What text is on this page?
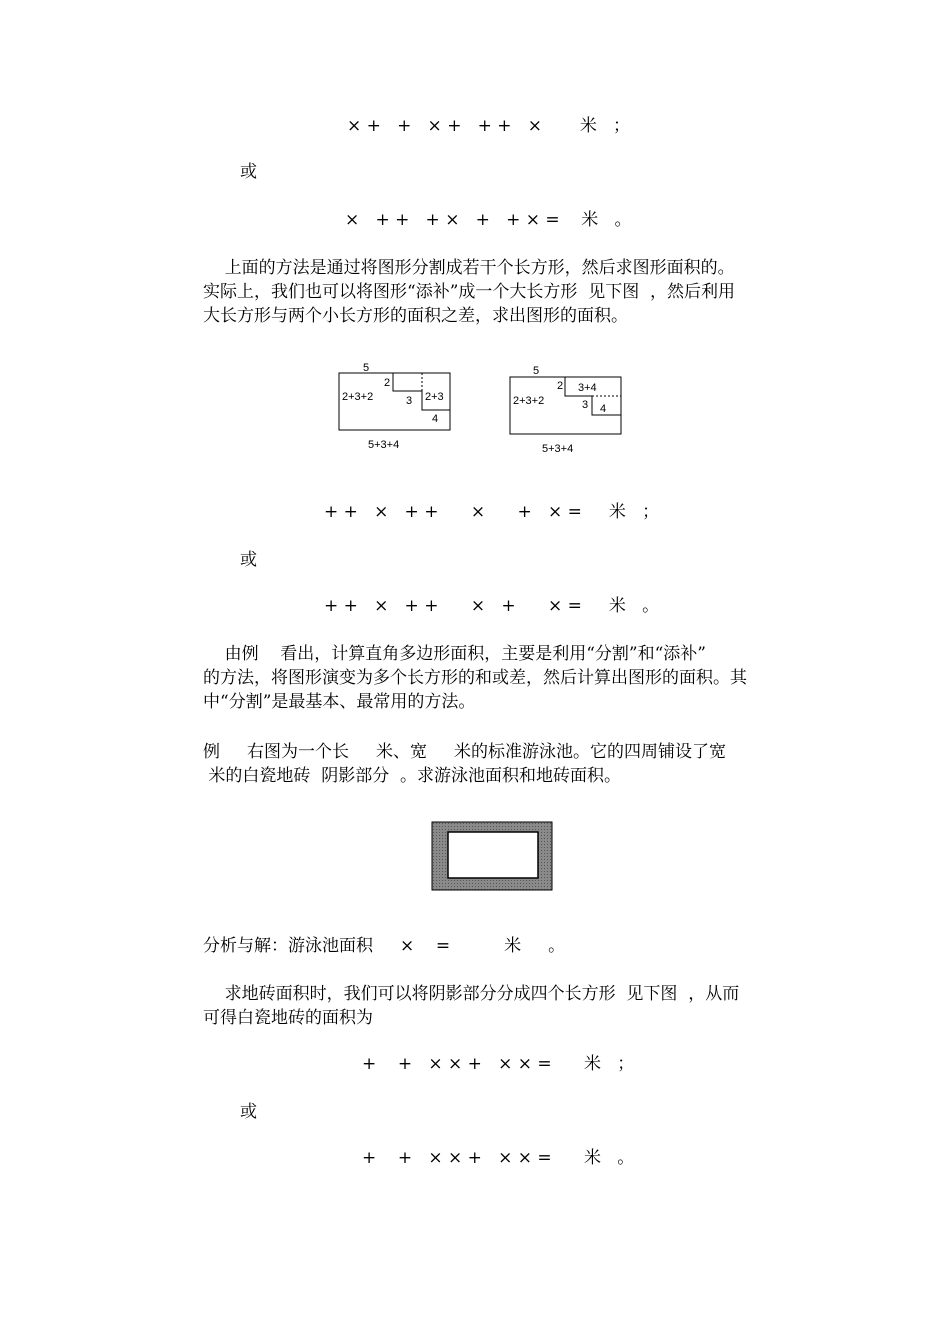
× +   +   × +   + +   ×       米   ；
或
×   + +   + ×   +   + × =    米   。
上面的方法是通过将图形分割成若干个长方形，然后求图形面积的。
实际上，我们也可以将图形“添补”成一个大长方形  见下图  ，然后利用
大长方形与两个小长方形的面积之差，求出图形的面积。
5
2+3+2
2
3 2+3
4
5+3+4
5
2+3+2
2 3+4
3 4
5+3+4
+ +   ×   + +      ×      +   × =     米   ；
或
+ +   ×   + +      ×   +      × =     米   。
由例    看出，计算直角多边形面积，主要是利用“分割”和“添补”
的方法，将图形演变为多个长方形的和或差，然后计算出图形的面积。其
中“分割”是最基本、最常用的方法。
例     右图为一个长     米、宽     米的标准游泳池。它的四周铺设了宽
米的白瓷地砖  阴影部分  。求游泳池面积和地砖面积。
分析与解：游泳池面积     ×    =          米     。
求地砖面积时，我们可以将阴影部分分成四个长方形  见下图  ，从而
可得白瓷地砖的面积为
+    +   × × +   × × =      米   ；
或
+    +   × × +   × × =      米   。
